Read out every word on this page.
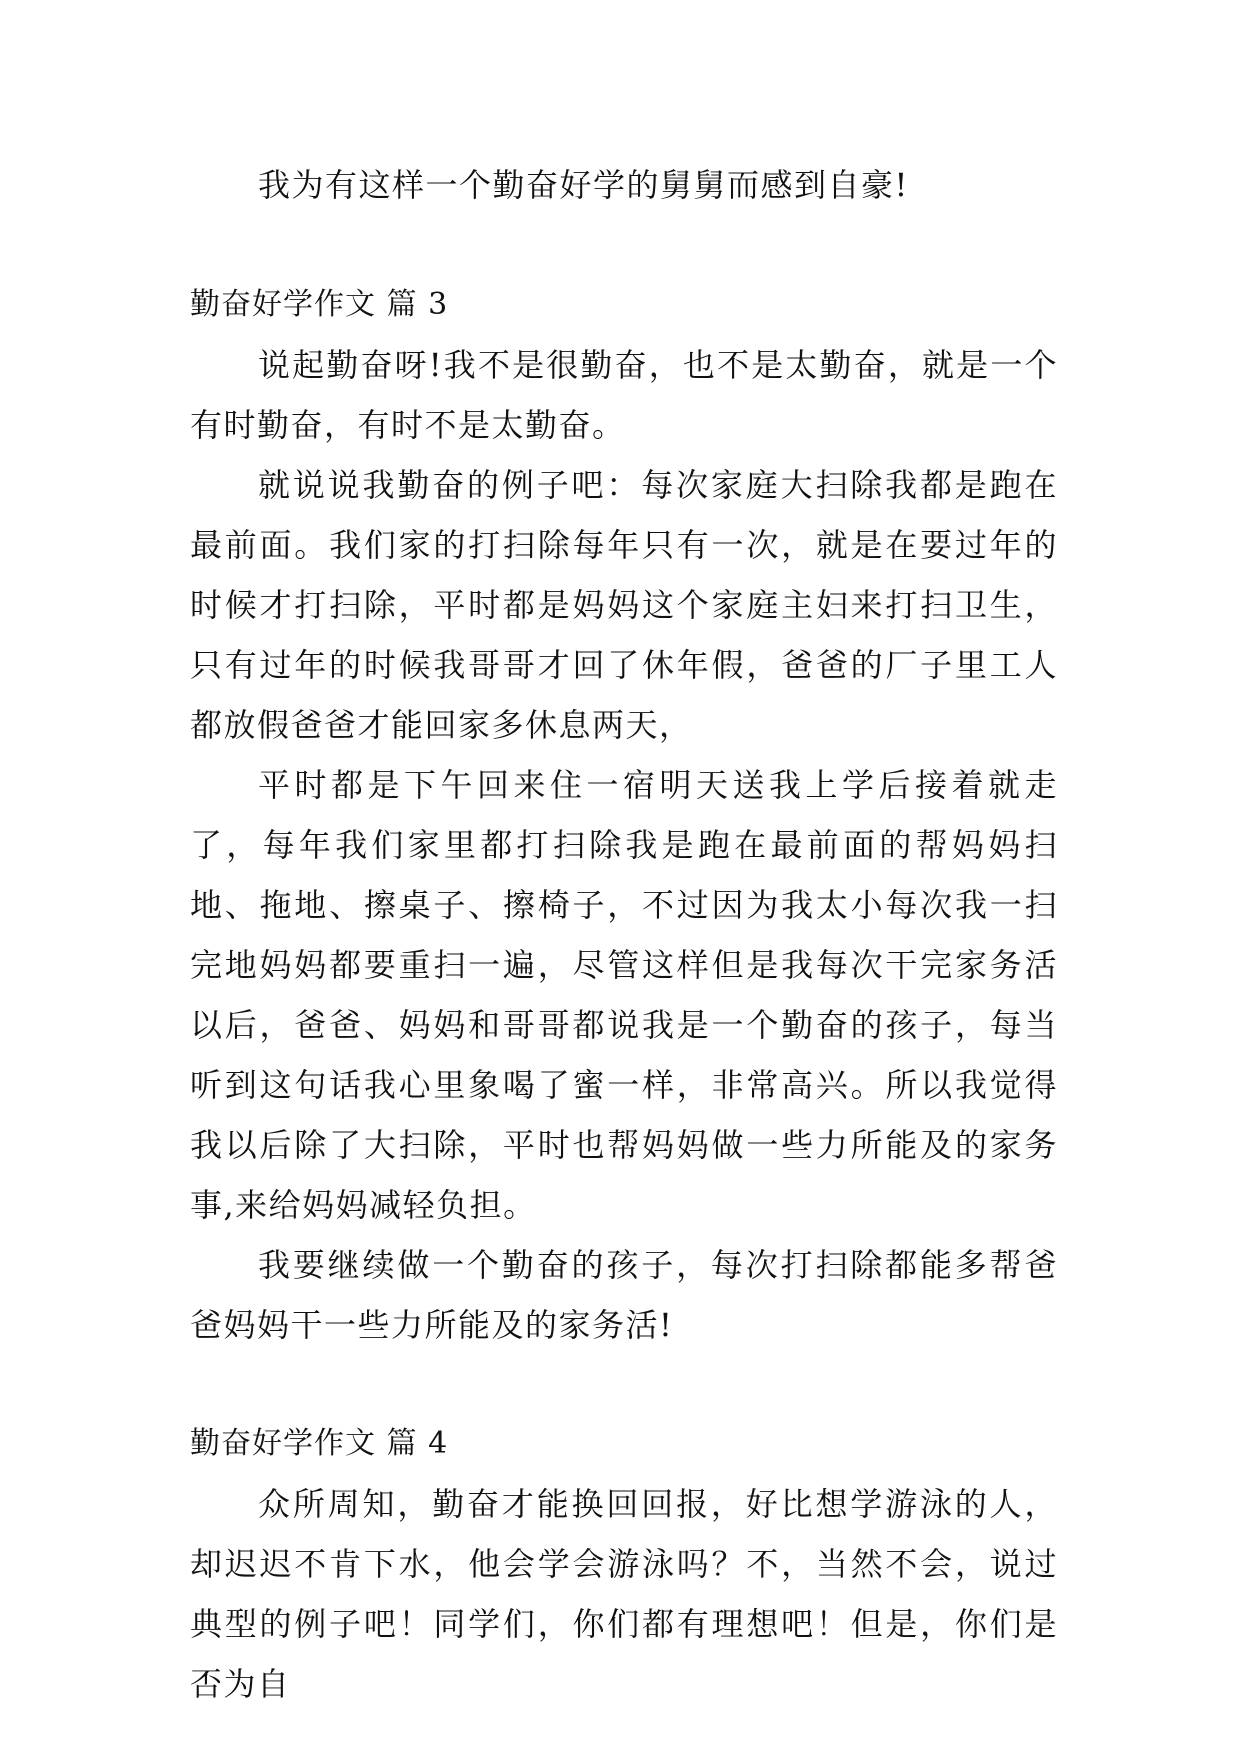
我为有这样一个勤奋好学的舅舅而感到自豪!

勤奋好学作文 篇 3

说起勤奋呀!我不是很勤奋，也不是太勤奋，就是一个有时勤奋，有时不是太勤奋。

就说说我勤奋的例子吧：每次家庭大扫除我都是跑在最前面。我们家的打扫除每年只有一次，就是在要过年的时候才打扫除，平时都是妈妈这个家庭主妇来打扫卫生，只有过年的时候我哥哥才回了休年假，爸爸的厂子里工人都放假爸爸才能回家多休息两天，

平时都是下午回来住一宿明天送我上学后接着就走了，每年我们家里都打扫除我是跑在最前面的帮妈妈扫地、拖地、擦桌子、擦椅子，不过因为我太小每次我一扫完地妈妈都要重扫一遍，尽管这样但是我每次干完家务活以后，爸爸、妈妈和哥哥都说我是一个勤奋的孩子，每当听到这句话我心里象喝了蜜一样，非常高兴。所以我觉得我以后除了大扫除，平时也帮妈妈做一些力所能及的家务事,来给妈妈减轻负担。

我要继续做一个勤奋的孩子，每次打扫除都能多帮爸爸妈妈干一些力所能及的家务活!

勤奋好学作文 篇 4

众所周知，勤奋才能换回回报，好比想学游泳的人，却迟迟不肯下水，他会学会游泳吗？不，当然不会，说过典型的例子吧！同学们，你们都有理想吧！但是，你们是否为自
